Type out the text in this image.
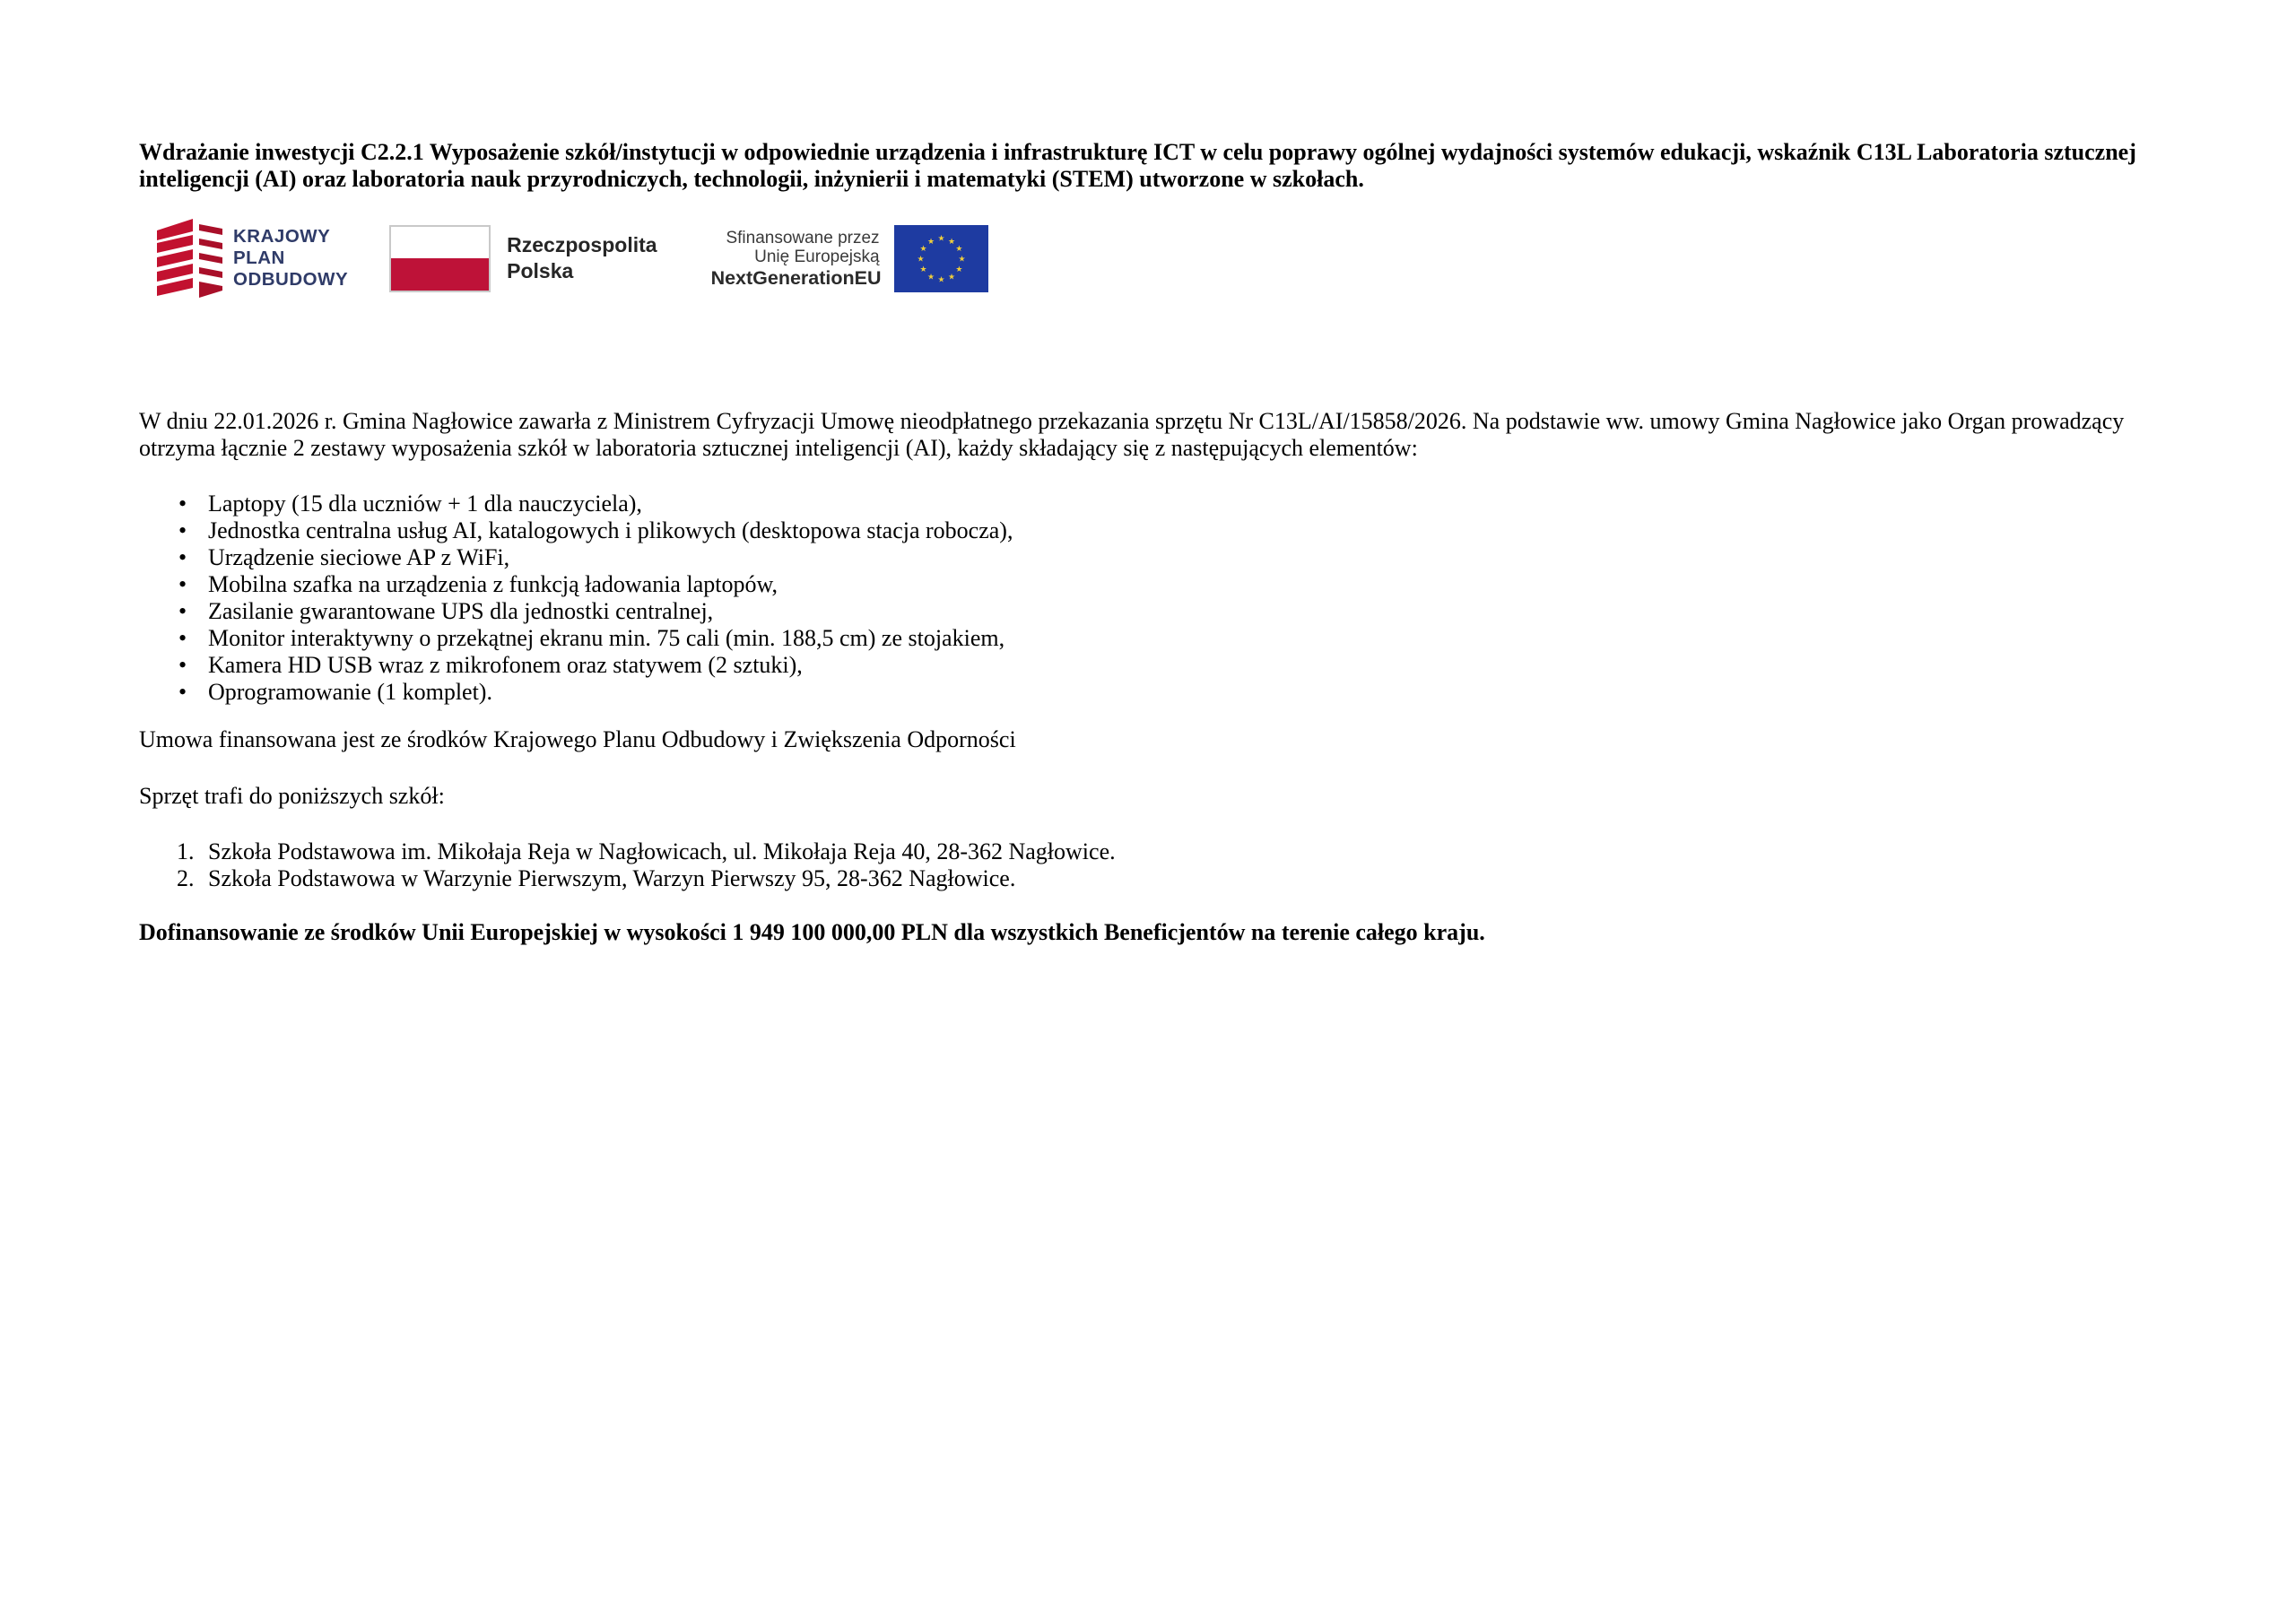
Wdrażanie inwestycji C2.2.1 Wyposażenie szkół/instytucji w odpowiednie urządzenia i infrastrukturę ICT w celu poprawy ogólnej wydajności systemów edukacji, wskaźnik C13L Laboratoria sztucznej inteligencji (AI) oraz laboratoria nauk przyrodniczych, technologii, inżynierii i matematyki (STEM) utworzone w szkołach.

KRAJOWY
PLAN
ODBUDOWY
Rzeczpospolita
Polska
Sfinansowane przez
Unię Europejską
NextGenerationEU
★ ★
★
★
★
★
★
★
★
★
★
★

W dniu 22.01.2026 r. Gmina Nagłowice zawarła z Ministrem Cyfryzacji Umowę nieodpłatnego przekazania sprzętu Nr C13L/AI/15858/2026. Na podstawie ww. umowy Gmina Nagłowice jako Organ prowadzący otrzyma łącznie 2 zestawy wyposażenia szkół w laboratoria sztucznej inteligencji (AI), każdy składający się z następujących elementów:

• Laptopy (15 dla uczniów + 1 dla nauczyciela),
• Jednostka centralna usług AI, katalogowych i plikowych (desktopowa stacja robocza),
• Urządzenie sieciowe AP z WiFi,
• Mobilna szafka na urządzenia z funkcją ładowania laptopów,
• Zasilanie gwarantowane UPS dla jednostki centralnej,
• Monitor interaktywny o przekątnej ekranu min. 75 cali (min. 188,5 cm) ze stojakiem,
• Kamera HD USB wraz z mikrofonem oraz statywem (2 sztuki),
• Oprogramowanie (1 komplet).

Umowa finansowana jest ze środków Krajowego Planu Odbudowy i Zwiększenia Odporności

Sprzęt trafi do poniższych szkół:

Szkoła Podstawowa im. Mikołaja Reja w Nagłowicach, ul. Mikołaja Reja 40, 28-362 Nagłowice.
Szkoła Podstawowa w Warzynie Pierwszym, Warzyn Pierwszy 95, 28-362 Nagłowice.

Dofinansowanie ze środków Unii Europejskiej w wysokości 1 949 100 000,00 PLN dla wszystkich Beneficjentów na terenie całego kraju.
